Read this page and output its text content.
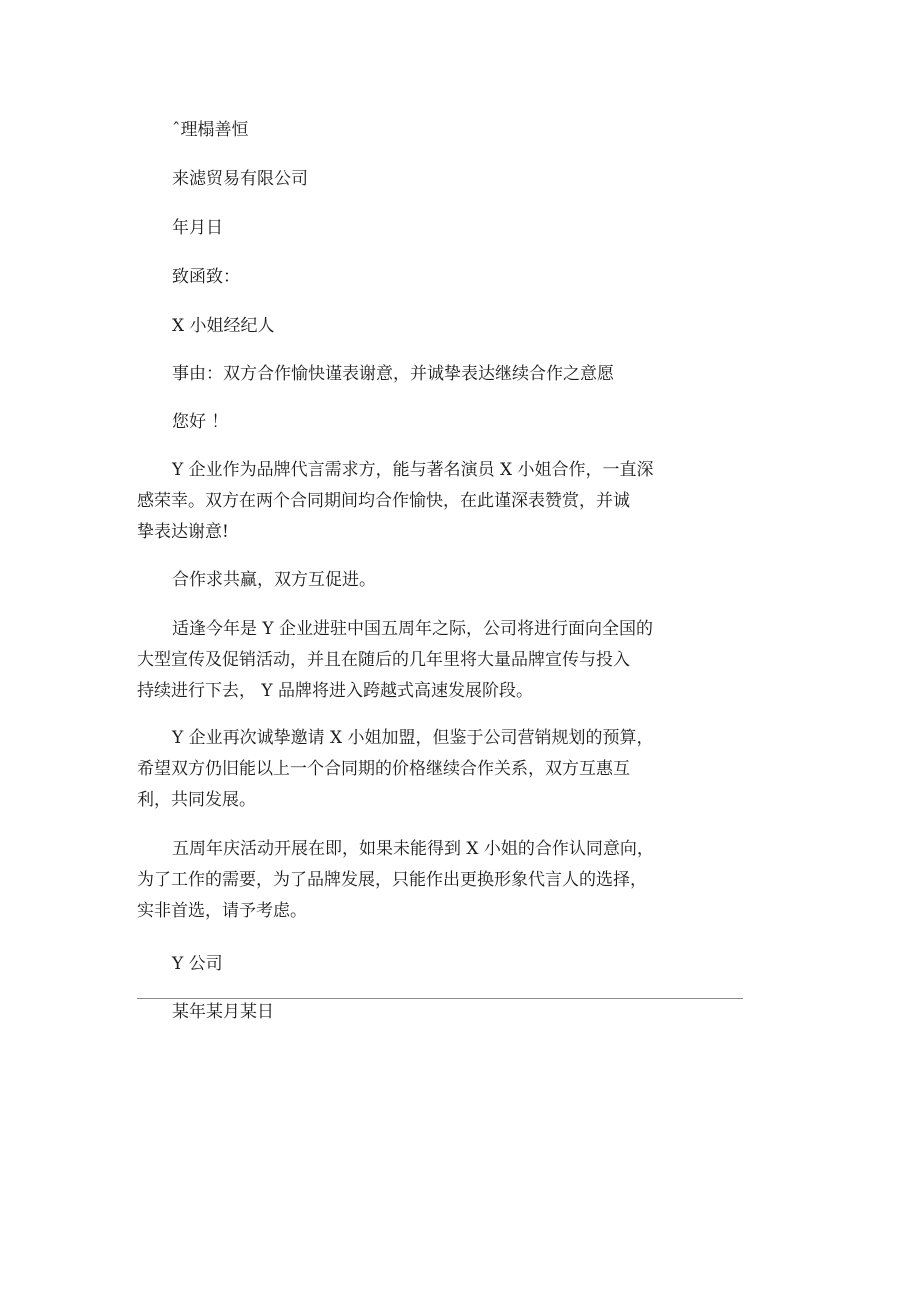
ˆ理榻善恒
来滤贸易有限公司
年月日
致函致：
X 小姐经纪人
事由：双方合作愉快谨表谢意，并诚挚表达继续合作之意愿
您好 ！
Y 企业作为品牌代言需求方，能与著名演员 X 小姐合作，一直深
感荣幸。双方在两个合同期间均合作愉快，在此谨深表赞赏，并诚
挚表达谢意!
合作求共赢，双方互促进。
适逢今年是 Y 企业进驻中国五周年之际，公司将进行面向全国的
大型宣传及促销活动，并且在随后的几年里将大量品牌宣传与投入
持续进行下去， Y 品牌将进入跨越式高速发展阶段。
Y 企业再次诚挚邀请 X 小姐加盟，但鉴于公司营销规划的预算，
希望双方仍旧能以上一个合同期的价格继续合作关系，双方互惠互
利，共同发展。
五周年庆活动开展在即，如果未能得到 X 小姐的合作认同意向，
为了工作的需要，为了品牌发展，只能作出更换形象代言人的选择，
实非首选，请予考虑。
Y 公司
某年某月某日
